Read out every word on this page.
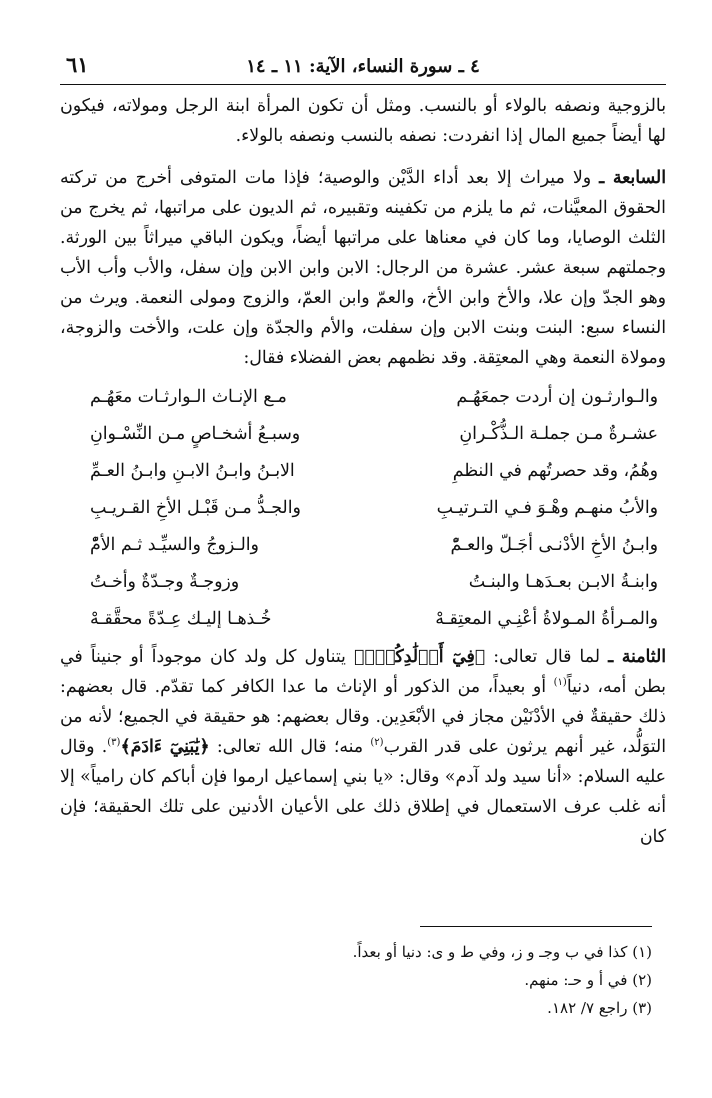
٦١	٤ ـ سورة النساء، الآية: ١١ ـ ١٤

بالزوجية ونصفه بالولاء أو بالنسب. ومثل أن تكون المرأة ابنة الرجل ومولاته، فيكون لها أيضاً جميع المال إذا انفردت: نصفه بالنسب ونصفه بالولاء.

السابعة ـ ولا ميراث إلا بعد أداء الدَّيْن والوصية؛ فإذا مات المتوفى أخرج من تركته الحقوق المعيَّنات، ثم ما يلزم من تكفينه وتقبيره، ثم الديون على مراتبها، ثم يخرج من الثلث الوصايا، وما كان في معناها على مراتبها أيضاً، ويكون الباقي ميراثاً بين الورثة. وجملتهم سبعة عشر. عشرة من الرجال: الابن وابن الابن وإن سفل، والأب وأب الأب وهو الجدّ وإن علا، والأخ وابن الأخ، والعمّ وابن العمّ، والزوج ومولى النعمة. ويرث من النساء سبع: البنت وبنت الابن وإن سفلت، والأم والجدّة وإن علت، والأخت والزوجة، ومولاة النعمة وهي المعتِقة. وقد نظمهم بعض الفضلاء فقال:

والـوارثـون إن أردت جمعَهُـم
مـع الإنـاث الـوارثـات معَهُـم
عشـرةٌ مـن جملـة الـذُّكْـرانِ
وسبـعُ أشخـاصٍ مـن النِّسْـوانِ
وهُمُ، وقد حصرتُهم في النظمِ
الابـنُ وابـنُ الابـنِ وابـنُ العـمِّ
والأبُ منهـم وهْـوَ فـي التـرتيـبِ
والجـدُّ مـن قَبْـل الأخِ القـريـبِ
وابـنُ الأخِ الأدْنـى أجَـلّ والعـمّْ
والـزوجُ والسيِّـد ثـم الأمّْ
وابنـةُ الابـن بعـدَهـا والبنـتُ
وزوجـةٌ وجـدّةٌ وأخـتُ
والمـرأةُ المـولاةُ أعْنِـي المعتِقـهْ
خُـذهـا إليـك عِـدّةً محقَّقـهْ

الثامنة ـ لما قال تعالى: ﴿فِيٓ أَوۡلَٰدِكُمۡۖ﴾ يتناول كل ولد كان موجوداً أو جنيناً في بطن أمه، دنياً$^{(١)}$ أو بعيداً، من الذكور أو الإناث ما عدا الكافر كما تقدّم. قال بعضهم: ذلك حقيقةٌ في الأدْنَيْن مجاز في الأبْعَدِين. وقال بعضهم: هو حقيقة في الجميع؛ لأنه من التوَلُّد، غير أنهم يرثون على قدر القرب$^{(٢)}$ منه؛ قال الله تعالى: ﴿يَٰبَنِيٓ ءَادَمَ﴾$^{(٣)}$. وقال عليه السلام: «أنا سيد ولد آدم» وقال: «يا بني إسماعيل ارموا فإن أباكم كان رامياً» إلا أنه غلب عرف الاستعمال في إطلاق ذلك على الأعيان الأدنين على تلك الحقيقة؛ فإن كان

(١) كذا في ب وجـ و ز، وفي ط و ى: دنيا أو بعداً.
(٢) في أ و حـ: منهم.
(٣) راجع ٧/ ١٨٢.
